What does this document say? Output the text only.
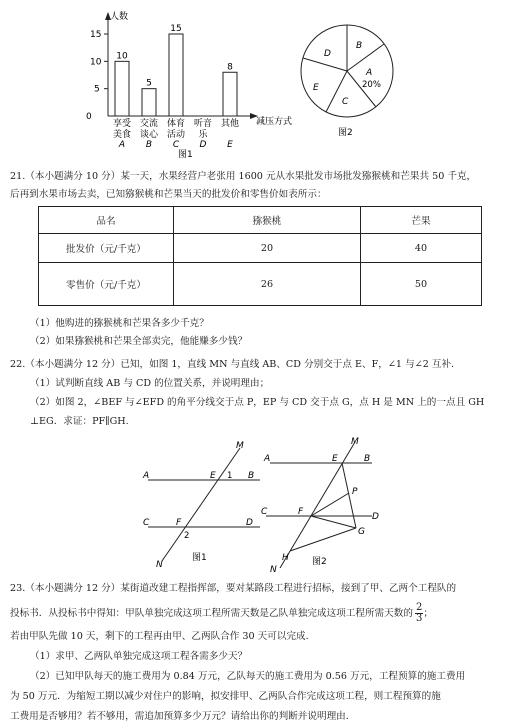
人数
减压方式
0
5
10
15
10
享受
美食
A
5
交流
谈心
B
15
体育
活动
C
听音
乐
D
8
其他
E
图1
D
B
A
20%
C
E
图2
21.（本小题满分 10 分）某一天，水果经营户老张用 1600 元从水果批发市场批发猕猴桃和芒果共 50 千克，
后再到水果市场去卖，已知猕猴桃和芒果当天的批发价和零售价如表所示：
品名	猕猴桃	芒果
批发价（元/千克）	20	40
零售价（元/千克）	26	50
（1）他购进的猕猴桃和芒果各多少千克？
（2）如果猕猴桃和芒果全部卖完，他能赚多少钱？
22.（本小题满分 12 分）已知，如图 1，直线 MN 与直线 AB、CD 分别交于点 E、F，∠1 与∠2 互补.
（1）试判断直线 AB 与 CD 的位置关系，并说明理由；
（2）如图 2，∠BEF 与∠EFD 的角平分线交于点 P，EP 与 CD 交于点 G，点 H 是 MN 上的一点且 GH
⊥EG．求证：PF∥GH.
M
A	E 1 B
C	F
2
D
N
图1
M
A	E	B
P
C	F	D
G
H
N
图2
23.（本小题满分 12 分）某街道改建工程指挥部，要对某路段工程进行招标，接到了甲、乙两个工程队的
投标书．从投标书中得知：甲队单独完成这项工程所需天数是乙队单独完成这项工程所需天数的 $\frac{2}{3}$ ；
若由甲队先做 10 天，剩下的工程再由甲、乙两队合作 30 天可以完成．
（1）求甲、乙两队单独完成这项工程各需多少天？
（2）已知甲队每天的施工费用为 0.84 万元，乙队每天的施工费用为 0.56 万元，工程预算的施工费用
为 50 万元．为缩短工期以减少对住户的影响，拟安排甲、乙两队合作完成这项工程，则工程预算的施
工费用是否够用？若不够用，需追加预算多少万元？请给出你的判断并说明理由．
